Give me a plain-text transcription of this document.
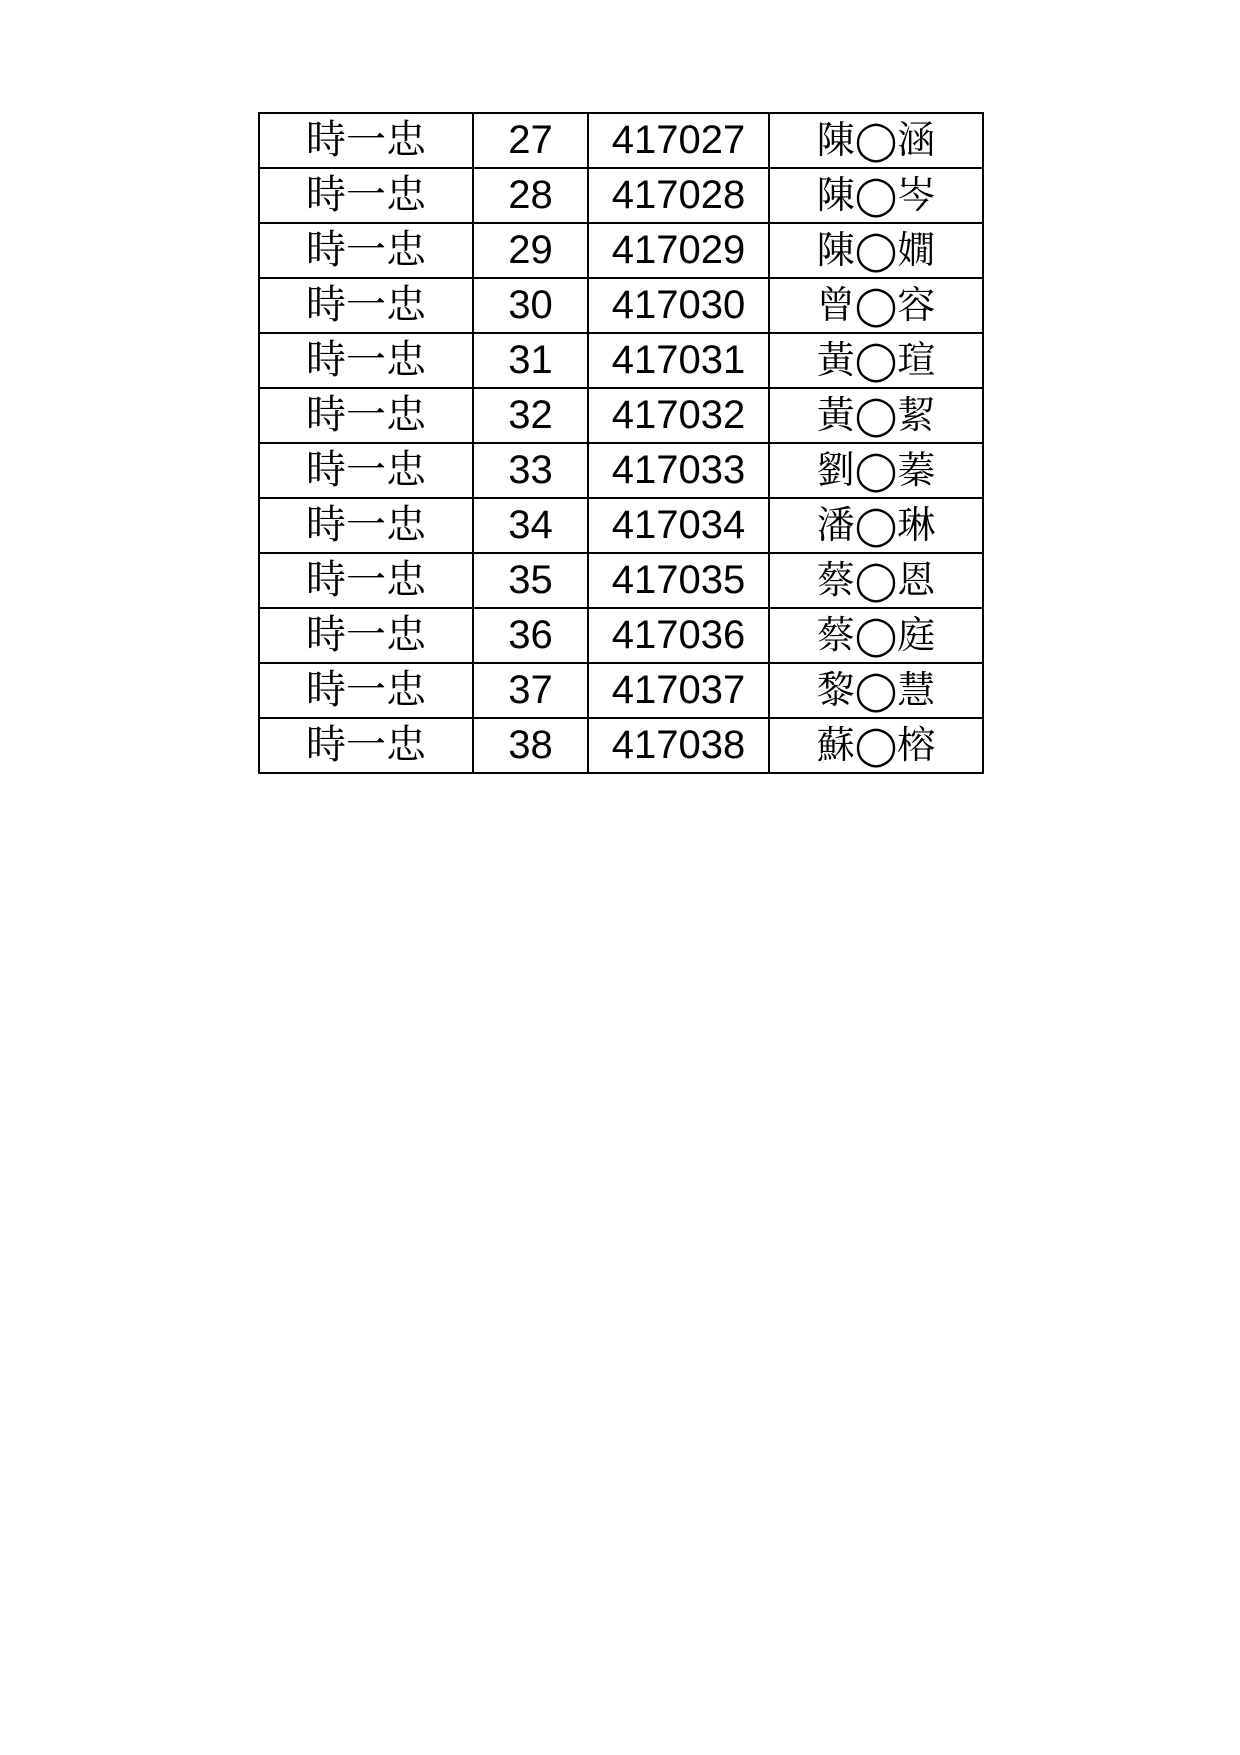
時一忠	27	417027	陳◯涵
時一忠	28	417028	陳◯岑
時一忠	29	417029	陳◯嫺
時一忠	30	417030	曾◯容
時一忠	31	417031	黃◯瑄
時一忠	32	417032	黃◯絜
時一忠	33	417033	劉◯蓁
時一忠	34	417034	潘◯琳
時一忠	35	417035	蔡◯恩
時一忠	36	417036	蔡◯庭
時一忠	37	417037	黎◯慧
時一忠	38	417038	蘇◯榕
